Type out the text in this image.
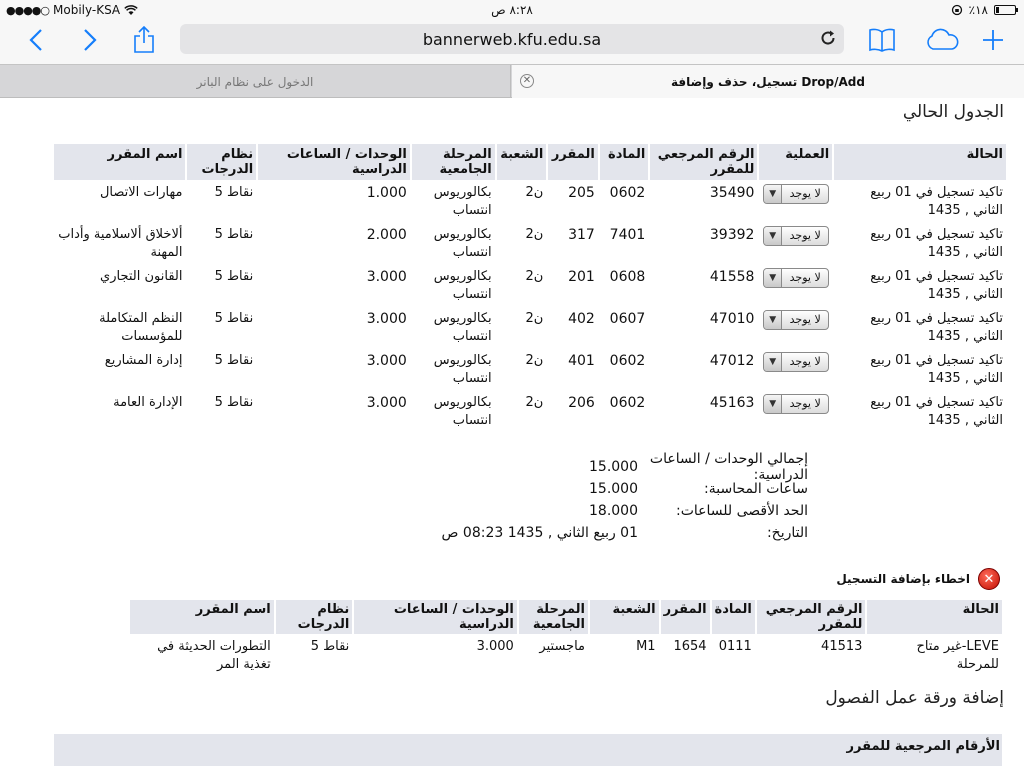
●●●●○ Mobily-KSA	٨:٢٨ ص	٪١٨
bannerweb.kfu.edu.sa
الدخول على نظام البانر	✕	تسجيل، حذف وإضافة Drop/Add
الجدول الحالي
الحالة	العملية	الرقم المرجعي للمقرر	المادة	المقرر	الشعبة	المرحلة الجامعية	الوحدات / الساعات الدراسية	نظام الدرجات	اسم المقرر
تاكيد تسجيل في 01 ربيع الثاني , 1435	▼ لا يوجد	35490	0602	205	ن2	بكالوريوس انتساب	1.000	نقاط 5	مهارات الاتصال
تاكيد تسجيل في 01 ربيع الثاني , 1435	▼ لا يوجد	39392	7401	317	ن2	بكالوريوس انتساب	2.000	نقاط 5	ألاخلاق ألاسلامية وأداب المهنة
تاكيد تسجيل في 01 ربيع الثاني , 1435	▼ لا يوجد	41558	0608	201	ن2	بكالوريوس انتساب	3.000	نقاط 5	القانون التجاري
تاكيد تسجيل في 01 ربيع الثاني , 1435	▼ لا يوجد	47010	0607	402	ن2	بكالوريوس انتساب	3.000	نقاط 5	النظم المتكاملة للمؤسسات
تاكيد تسجيل في 01 ربيع الثاني , 1435	▼ لا يوجد	47012	0602	401	ن2	بكالوريوس انتساب	3.000	نقاط 5	إدارة المشاريع
تاكيد تسجيل في 01 ربيع الثاني , 1435	▼ لا يوجد	45163	0602	206	ن2	بكالوريوس انتساب	3.000	نقاط 5	الإدارة العامة
إجمالي الوحدات / الساعات الدراسية:
15.000
ساعات المحاسبة:
15.000
الحد الأقصى للساعات:
18.000
التاريخ:
01 ربيع الثاني , 1435 08:23 ص
✕
اخطاء بإضافة التسجيل
الحالة	الرقم المرجعي للمقرر	المادة	المقرر	الشعبة	المرحلة الجامعية	الوحدات / الساعات الدراسية	نظام الدرجات	اسم المقرر
LEVE-غير متاح للمرحلة	41513	0111	1654	M1	ماجستير	3.000	نقاط 5	التطورات الحديثة في تغذية المر
إضافة ورقة عمل الفصول
الأرقام المرجعية للمقرر
